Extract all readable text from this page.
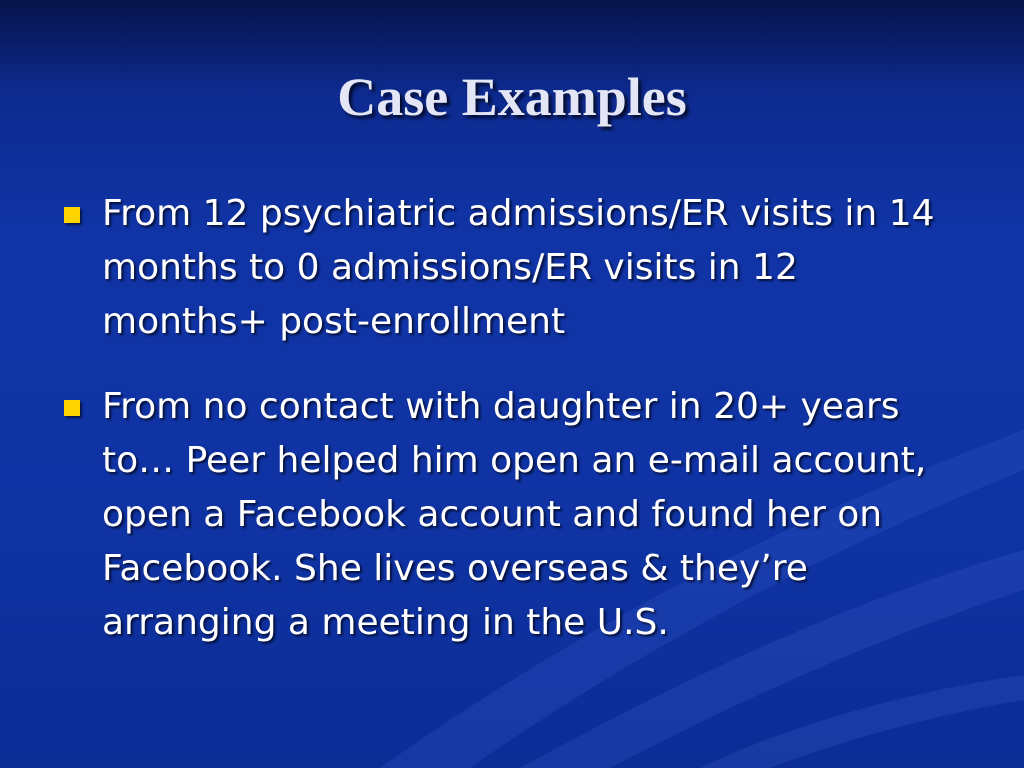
Case Examples
From 12 psychiatric admissions/ER visits in 14 months to 0 admissions/ER visits in 12 months+ post-enrollment
From no contact with daughter in 20+ years to… Peer helped him open an e-mail account, open a Facebook account and found her on Facebook. She lives overseas & they’re arranging a meeting in the U.S.
